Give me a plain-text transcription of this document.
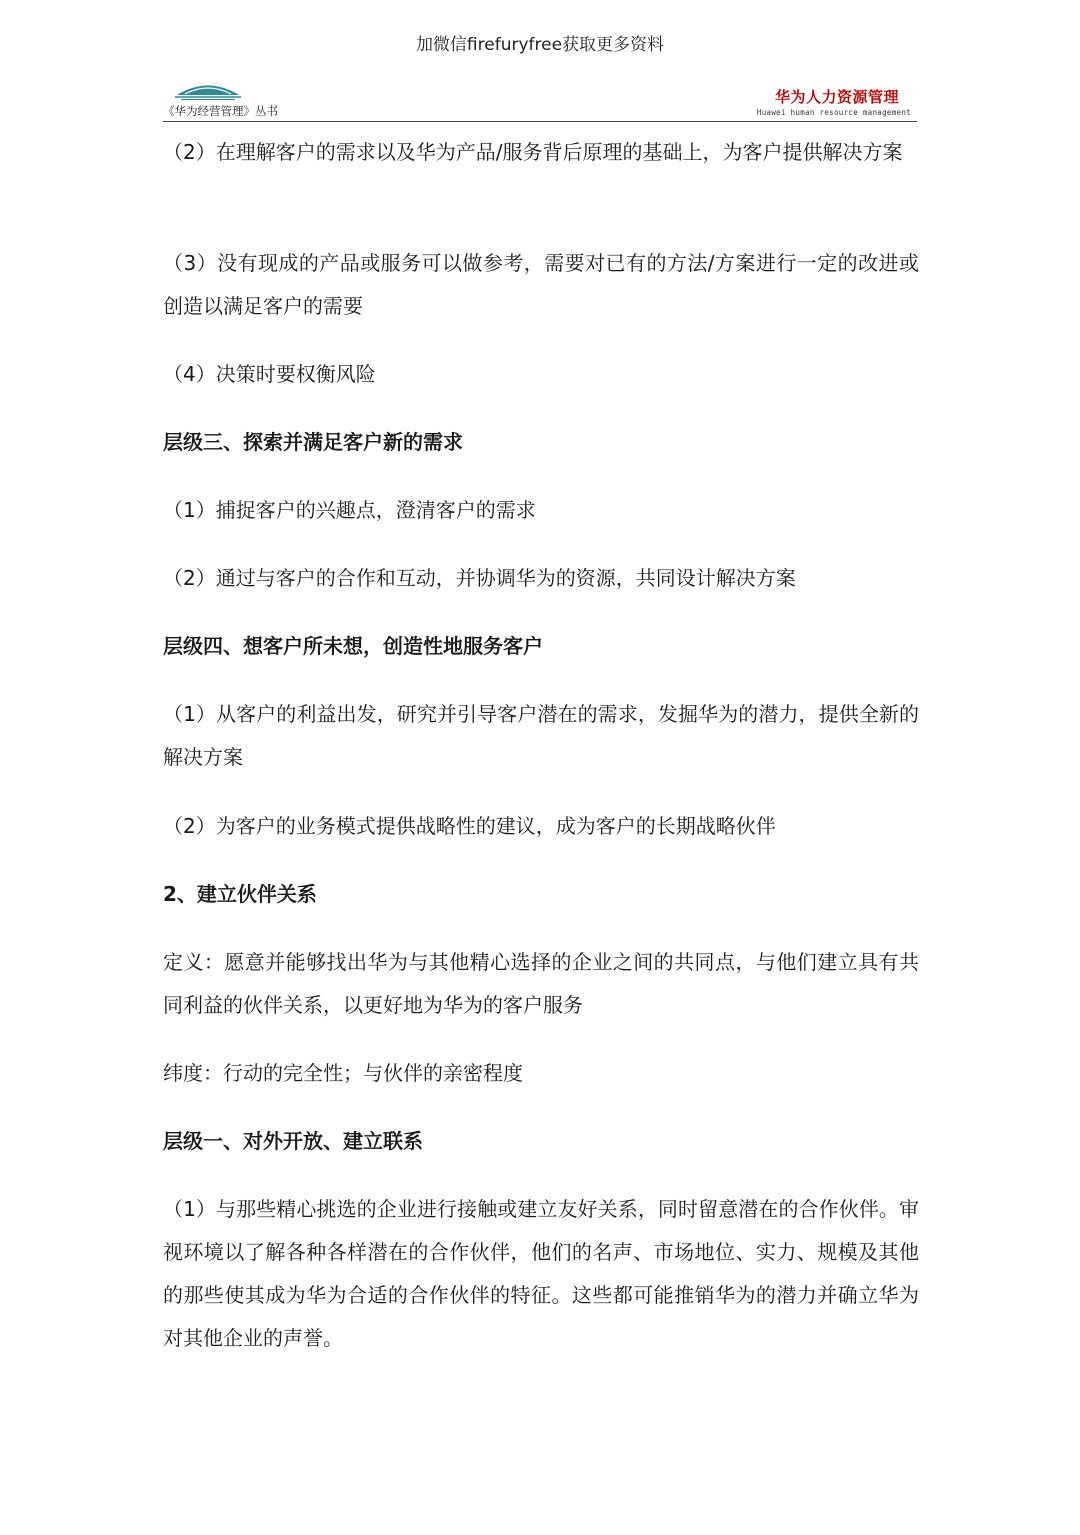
加微信firefuryfree获取更多资料
《华为经营管理》丛书
华为人力资源管理
Huawei human resource management

（2）在理解客户的需求以及华为产品/服务背后原理的基础上，为客户提供解决方案

（3）没有现成的产品或服务可以做参考，需要对已有的方法/方案进行一定的改进或创造以满足客户的需要

（4）决策时要权衡风险

层级三、探索并满足客户新的需求

（1）捕捉客户的兴趣点，澄清客户的需求

（2）通过与客户的合作和互动，并协调华为的资源，共同设计解决方案

层级四、想客户所未想，创造性地服务客户

（1）从客户的利益出发，研究并引导客户潜在的需求，发掘华为的潜力，提供全新的解决方案

（2）为客户的业务模式提供战略性的建议，成为客户的长期战略伙伴

2、建立伙伴关系

定义：愿意并能够找出华为与其他精心选择的企业之间的共同点，与他们建立具有共同利益的伙伴关系，以更好地为华为的客户服务

纬度：行动的完全性；与伙伴的亲密程度

层级一、对外开放、建立联系

（1）与那些精心挑选的企业进行接触或建立友好关系，同时留意潜在的合作伙伴。审视环境以了解各种各样潜在的合作伙伴，他们的名声、市场地位、实力、规模及其他的那些使其成为华为合适的合作伙伴的特征。这些都可能推销华为的潜力并确立华为对其他企业的声誉。
